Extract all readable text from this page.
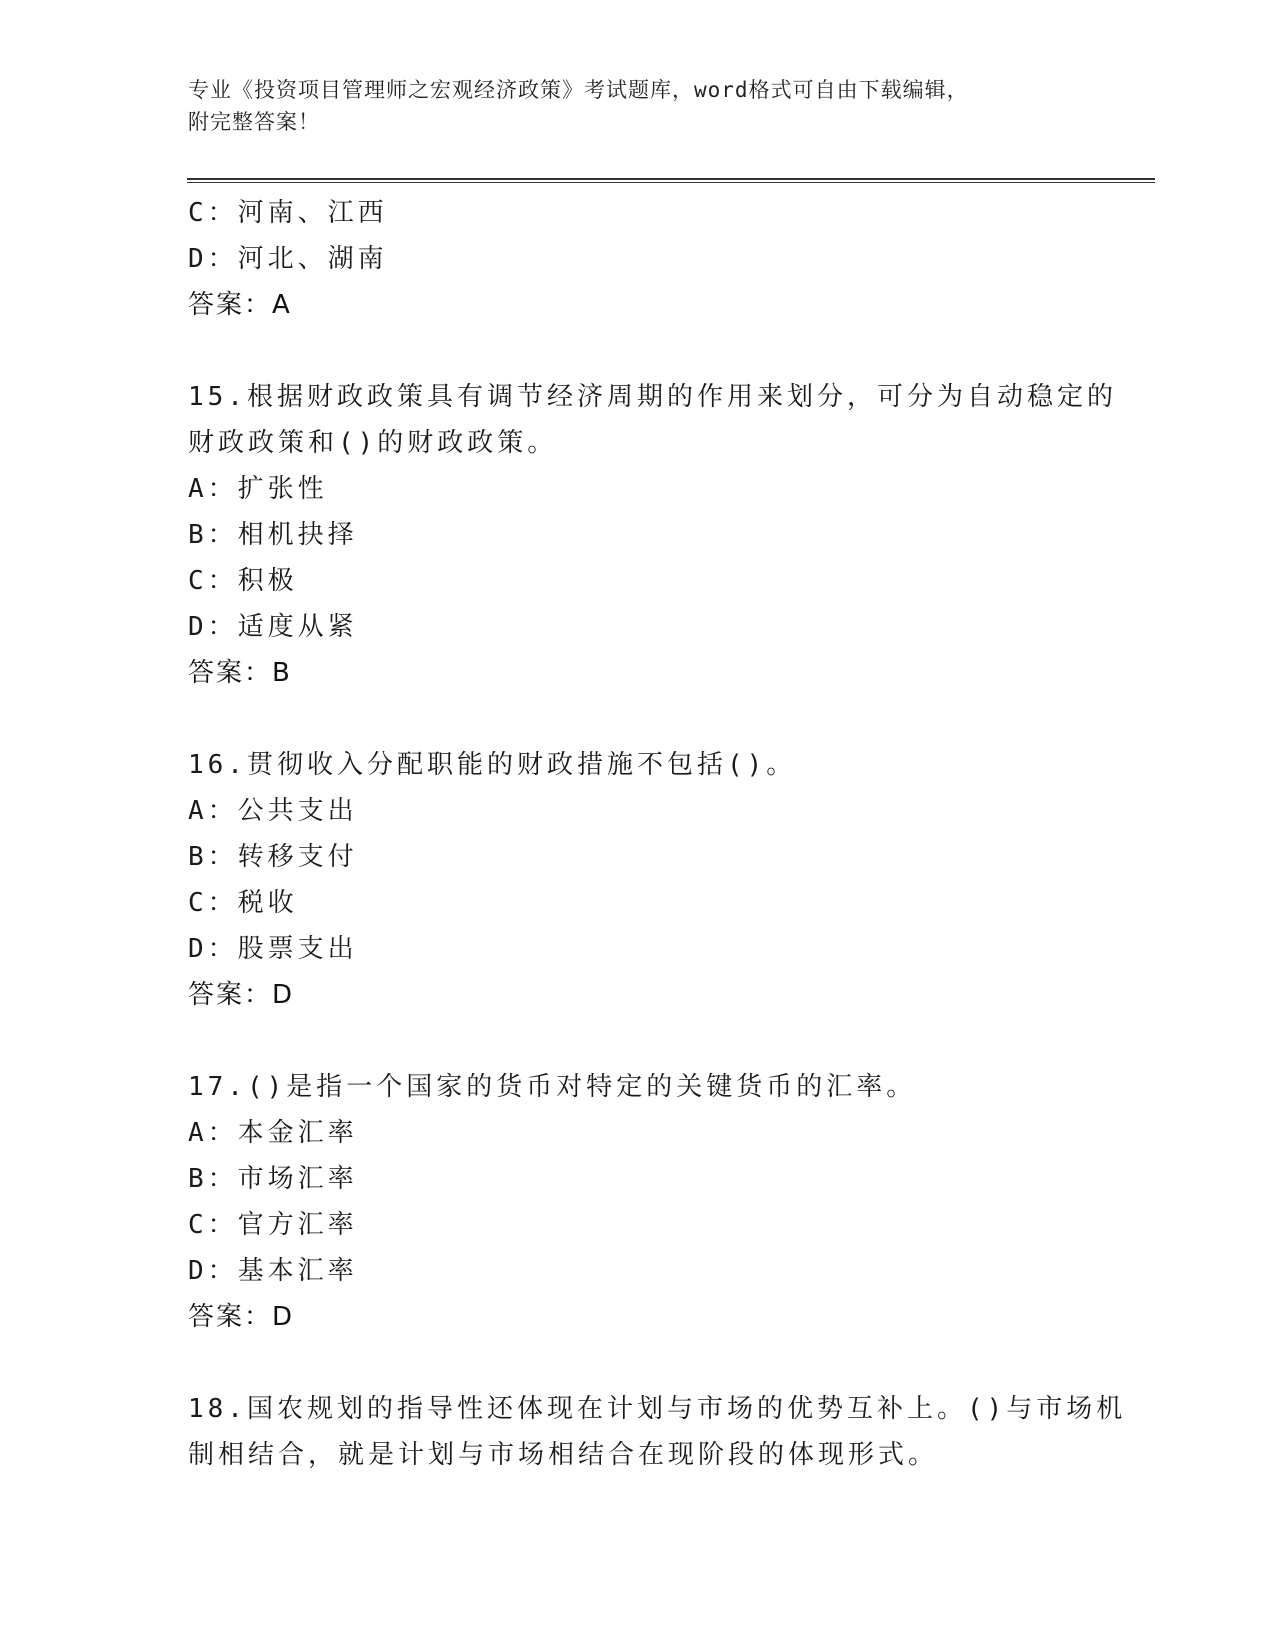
专业《投资项目管理师之宏观经济政策》考试题库，word格式可自由下载编辑，
附完整答案！
C：河南、江西
D：河北、湖南
答案：A
15.根据财政政策具有调节经济周期的作用来划分，可分为自动稳定的
财政政策和()的财政政策。
A：扩张性
B：相机抉择
C：积极
D：适度从紧
答案：B
16.贯彻收入分配职能的财政措施不包括()。
A：公共支出
B：转移支付
C：税收
D：股票支出
答案：D
17.()是指一个国家的货币对特定的关键货币的汇率。
A：本金汇率
B：市场汇率
C：官方汇率
D：基本汇率
答案：D
18.国农规划的指导性还体现在计划与市场的优势互补上。()与市场机
制相结合，就是计划与市场相结合在现阶段的体现形式。
